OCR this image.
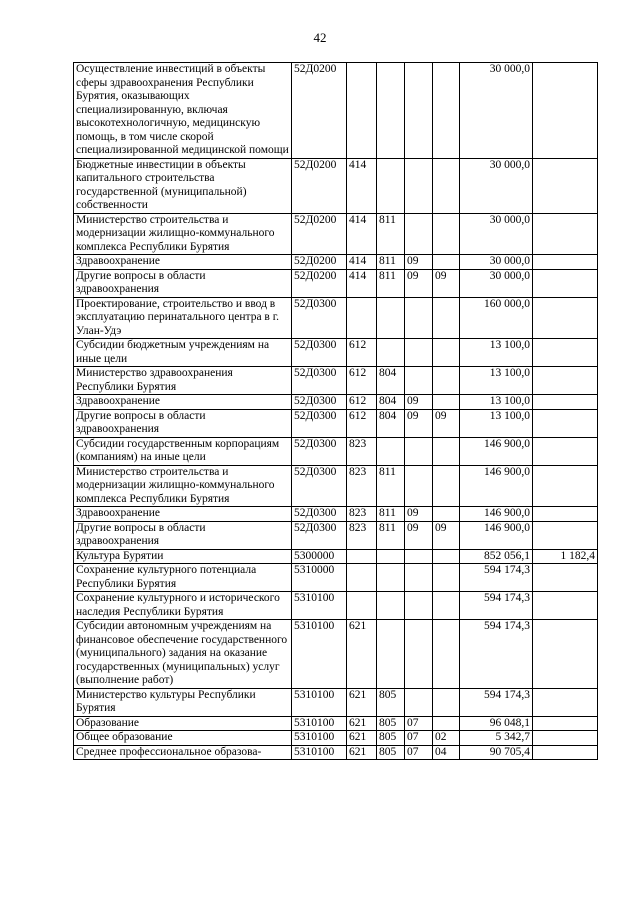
42
Осуществление инвестиций в объекты сферы здравоохранения Республики Бурятия, оказывающих специализированную, включая высокотехнологичную, медицинскую помощь, в том числе скорой специализированной медицинской помощи	52Д0200					30 000,0	
Бюджетные инвестиции в объекты капитального строительства государственной (муниципальной) собственности	52Д0200	414				30 000,0	
Министерство строительства и модернизации жилищно-коммунального комплекса Республики Бурятия	52Д0200	414	811			30 000,0	
Здравоохранение	52Д0200	414	811	09		30 000,0	
Другие вопросы в области здравоохранения	52Д0200	414	811	09	09	30 000,0	
Проектирование, строительство и ввод в эксплуатацию перинатального центра в г. Улан-Удэ	52Д0300					160 000,0	
Субсидии бюджетным учреждениям на иные цели	52Д0300	612				13 100,0	
Министерство здравоохранения Республики Бурятия	52Д0300	612	804			13 100,0	
Здравоохранение	52Д0300	612	804	09		13 100,0	
Другие вопросы в области здравоохранения	52Д0300	612	804	09	09	13 100,0	
Субсидии государственным корпорациям (компаниям) на иные цели	52Д0300	823				146 900,0	
Министерство строительства и модернизации жилищно-коммунального комплекса Республики Бурятия	52Д0300	823	811			146 900,0	
Здравоохранение	52Д0300	823	811	09		146 900,0	
Другие вопросы в области здравоохранения	52Д0300	823	811	09	09	146 900,0	
Культура Бурятии	5300000					852 056,1	1 182,4
Сохранение культурного потенциала Республики Бурятия	5310000					594 174,3	
Сохранение культурного и исторического наследия Республики Бурятия	5310100					594 174,3	
Субсидии автономным учреждениям на финансовое обеспечение государственного (муниципального) задания на оказание государственных (муниципальных) услуг (выполнение работ)	5310100	621				594 174,3	
Министерство культуры Республики Бурятия	5310100	621	805			594 174,3	
Образование	5310100	621	805	07		96 048,1	
Общее образование	5310100	621	805	07	02	5 342,7	
Среднее профессиональное образова-	5310100	621	805	07	04	90 705,4	
